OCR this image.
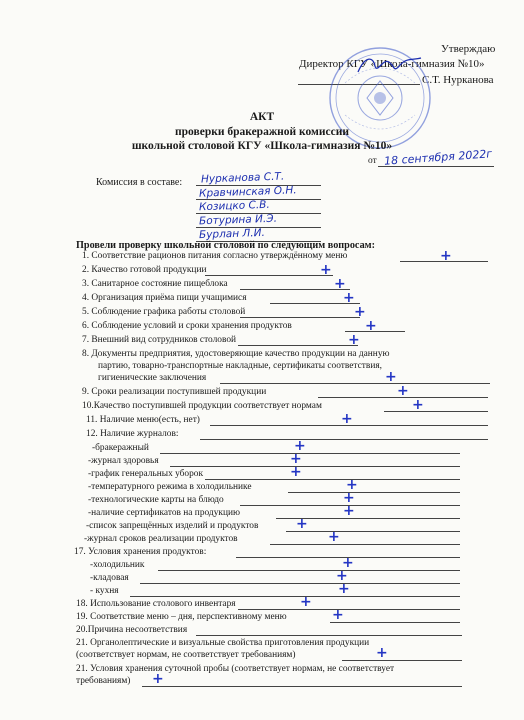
Утверждаю
Директор КГУ «Школа-гимназия №10»
С.Т. Нурканова
АКТ
проверки бракеражной комиссии
школьной столовой КГУ «Школа-гимназия №10»
от 18 сентября 2022г
Комиссия в составе: Нурканова С.Т.
Кравчинская О.Н.
Козицко С.В.
Ботурина И.Э.
Бурлан Л.И.
Провели проверку школьной столовой по следующим вопросам:
1. Соответствие рационов питания согласно утверждённому меню	+
2. Качество готовой продукции	+
3. Санитарное состояние пищеблока	+
4. Организация приёма пищи учащимися	+
5. Соблюдение графика работы столовой	+
6. Соблюдение условий и сроки хранения продуктов	+
7. Внешний вид сотрудников столовой	+
8. Документы предприятия, удостоверяющие качество продукции на данную
партию, товарно-транспортные накладные, сертификаты соответствия,
гигиенические заключения	+
9. Сроки реализации поступившей продукции	+
10.Качество поступившей продукции соответствует нормам	+
11. Наличие меню(есть, нет)	+
12. Наличие журналов:
-бракеражный	+
-журнал здоровья	+
-график генеральных уборок	+
-температурного режима в холодильнике	+
-технологические карты на блюдо	+
-наличие сертификатов на продукцию	+
-список запрещённых изделий и продуктов	+
-журнал сроков реализации продуктов	+
17. Условия хранения продуктов:
-холодильник	+
-кладовая	+
- кухня	+
18. Использование столового инвентаря	+
19. Соответствие меню – дня, перспективному меню	+
20.Причина несоответствия
21. Органолептические и визуальные свойства приготовления продукции
(соответствует нормам, не соответствует требованиям)	+
21. Условия хранения суточной пробы (соответствует нормам, не соответствует
требованиям) +
